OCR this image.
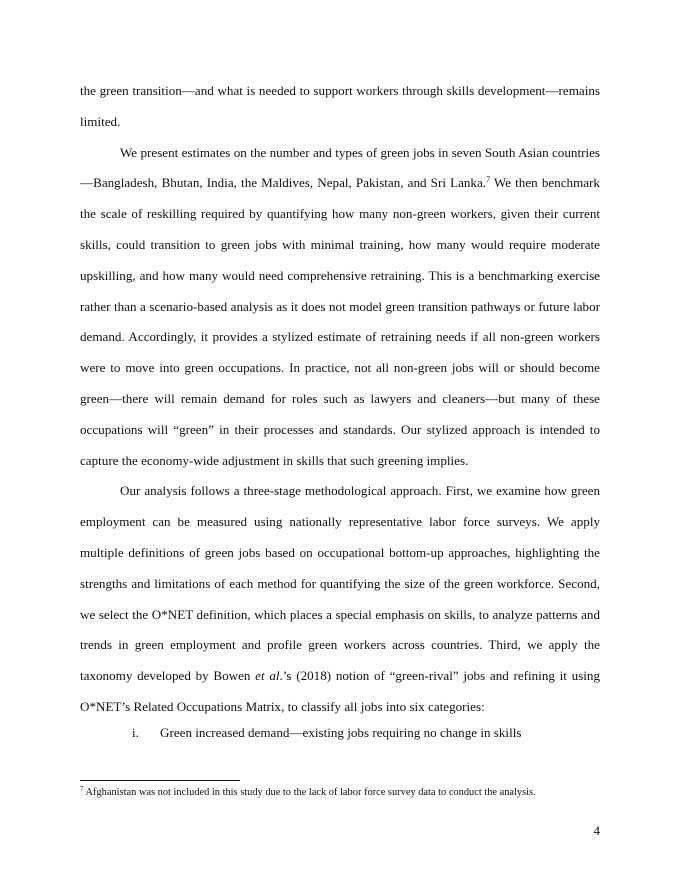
the green transition—and what is needed to support workers through skills development—remains limited.

We present estimates on the number and types of green jobs in seven South Asian countries —Bangladesh, Bhutan, India, the Maldives, Nepal, Pakistan, and Sri Lanka.$^7$ We then benchmark the scale of reskilling required by quantifying how many non-green workers, given their current skills, could transition to green jobs with minimal training, how many would require moderate upskilling, and how many would need comprehensive retraining. This is a benchmarking exercise rather than a scenario-based analysis as it does not model green transition pathways or future labor demand. Accordingly, it provides a stylized estimate of retraining needs if all non-green workers were to move into green occupations. In practice, not all non-green jobs will or should become green—there will remain demand for roles such as lawyers and cleaners—but many of these occupations will “green” in their processes and standards. Our stylized approach is intended to capture the economy-wide adjustment in skills that such greening implies.

Our analysis follows a three-stage methodological approach. First, we examine how green employment can be measured using nationally representative labor force surveys. We apply multiple definitions of green jobs based on occupational bottom-up approaches, highlighting the strengths and limitations of each method for quantifying the size of the green workforce. Second, we select the O*NET definition, which places a special emphasis on skills, to analyze patterns and trends in green employment and profile green workers across countries. Third, we apply the taxonomy developed by Bowen et al.’s (2018) notion of “green-rival” jobs and refining it using O*NET’s Related Occupations Matrix, to classify all jobs into six categories:

i. Green increased demand—existing jobs requiring no change in skills
$^7$ Afghanistan was not included in this study due to the lack of labor force survey data to conduct the analysis.
4
